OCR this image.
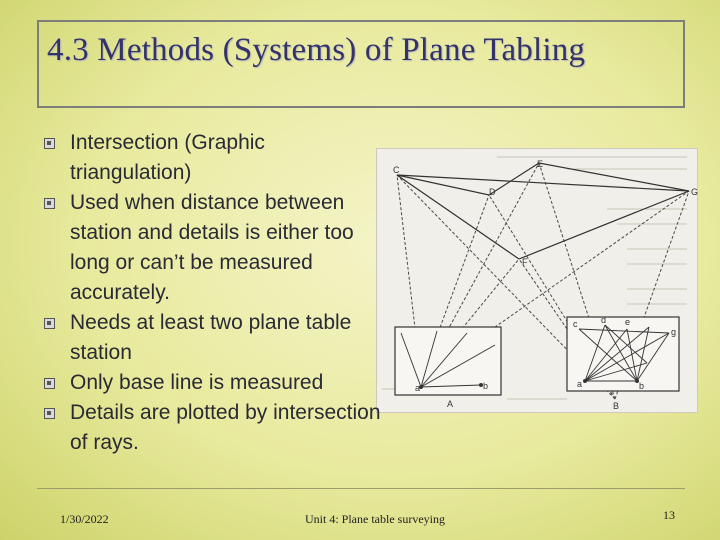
4.3 Methods (Systems) of Plane Tabling
C
E
D	G
F
a	b
A	B
a	b
c	d e
g
Intersection (Graphic triangulation)
Used when distance between station and details is either too long or can’t be measured accurately.
Needs at least two plane table station
Only base line is measured
Details are plotted by intersection of rays.
1/30/2022	Unit 4: Plane table surveying	13
